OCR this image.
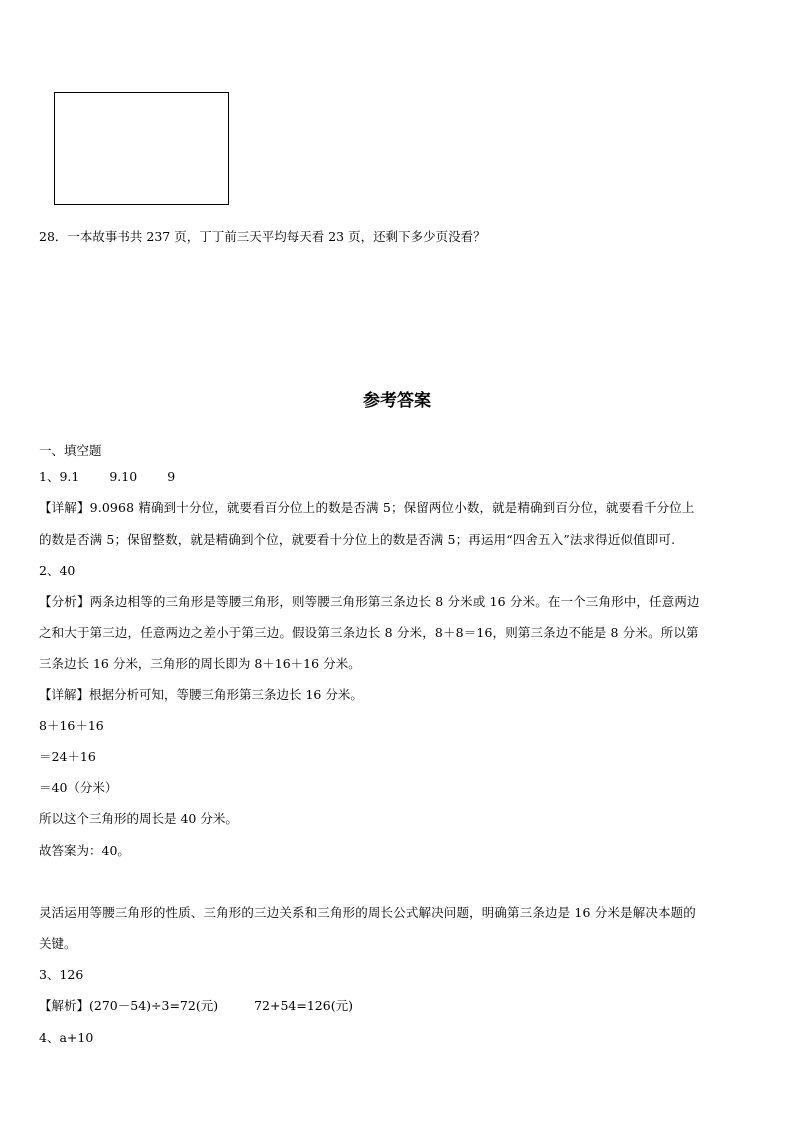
28．一本故事书共 237 页，丁丁前三天平均每天看 23 页，还剩下多少页没看？
参考答案
一、填空题
1、9.1 9.10 9
【详解】9.0968 精确到十分位，就要看百分位上的数是否满 5；保留两位小数，就是精确到百分位，就要看千分位上
的数是否满 5；保留整数，就是精确到个位，就要看十分位上的数是否满 5；再运用“四舍五入”法求得近似值即可.
2、40
【分析】两条边相等的三角形是等腰三角形，则等腰三角形第三条边长 8 分米或 16 分米。在一个三角形中，任意两边
之和大于第三边，任意两边之差小于第三边。假设第三条边长 8 分米，8＋8＝16，则第三条边不能是 8 分米。所以第
三条边长 16 分米，三角形的周长即为 8＋16＋16 分米。
【详解】根据分析可知，等腰三角形第三条边长 16 分米。
8＋16＋16
＝24＋16
＝40（分米）
所以这个三角形的周长是 40 分米。
故答案为：40。
灵活运用等腰三角形的性质、三角形的三边关系和三角形的周长公式解决问题，明确第三条边是 16 分米是解决本题的
关键。
3、126
【解析】(270－54)÷3=72(元)	72+54=126(元)
4、a+10
